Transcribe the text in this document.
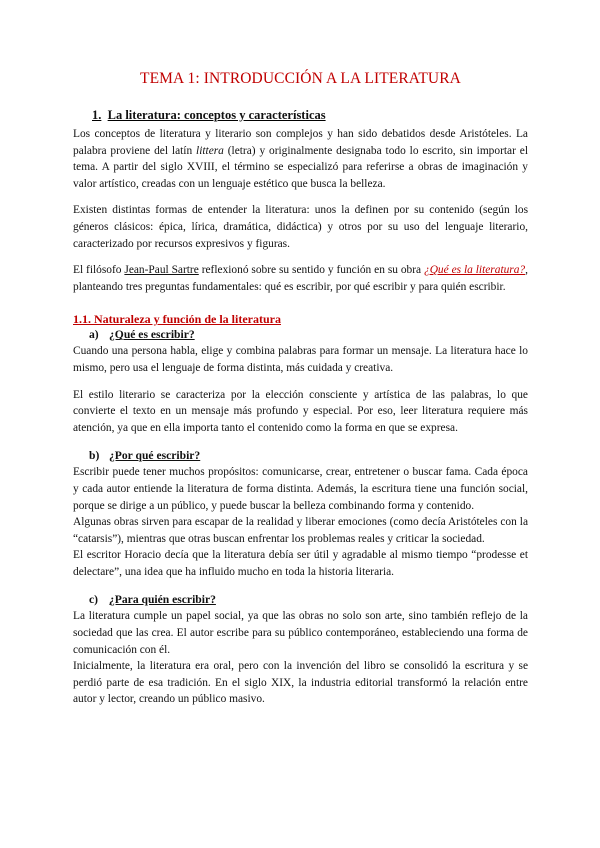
TEMA 1: INTRODUCCIÓN A LA LITERATURA
1. La literatura: conceptos y características

Los conceptos de literatura y literario son complejos y han sido debatidos desde Aristóteles. La palabra proviene del latín littera (letra) y originalmente designaba todo lo escrito, sin importar el tema. A partir del siglo XVIII, el término se especializó para referirse a obras de imaginación y valor artístico, creadas con un lenguaje estético que busca la belleza.

Existen distintas formas de entender la literatura: unos la definen por su contenido (según los géneros clásicos: épica, lírica, dramática, didáctica) y otros por su uso del lenguaje literario, caracterizado por recursos expresivos y figuras.

El filósofo Jean-Paul Sartre reflexionó sobre su sentido y función en su obra ¿Qué es la literatura?, planteando tres preguntas fundamentales: qué es escribir, por qué escribir y para quién escribir.

1.1. Naturaleza y función de la literatura
a) ¿Qué es escribir?

Cuando una persona habla, elige y combina palabras para formar un mensaje. La literatura hace lo mismo, pero usa el lenguaje de forma distinta, más cuidada y creativa.

El estilo literario se caracteriza por la elección consciente y artística de las palabras, lo que convierte el texto en un mensaje más profundo y especial. Por eso, leer literatura requiere más atención, ya que en ella importa tanto el contenido como la forma en que se expresa.

b) ¿Por qué escribir?

Escribir puede tener muchos propósitos: comunicarse, crear, entretener o buscar fama. Cada época y cada autor entiende la literatura de forma distinta. Además, la escritura tiene una función social, porque se dirige a un público, y puede buscar la belleza combinando forma y contenido.

Algunas obras sirven para escapar de la realidad y liberar emociones (como decía Aristóteles con la “catarsis”), mientras que otras buscan enfrentar los problemas reales y criticar la sociedad.

El escritor Horacio decía que la literatura debía ser útil y agradable al mismo tiempo “prodesse et delectare”, una idea que ha influido mucho en toda la historia literaria.

c) ¿Para quién escribir?

La literatura cumple un papel social, ya que las obras no solo son arte, sino también reflejo de la sociedad que las crea. El autor escribe para su público contemporáneo, estableciendo una forma de comunicación con él.

Inicialmente, la literatura era oral, pero con la invención del libro se consolidó la escritura y se perdió parte de esa tradición. En el siglo XIX, la industria editorial transformó la relación entre autor y lector, creando un público masivo.
